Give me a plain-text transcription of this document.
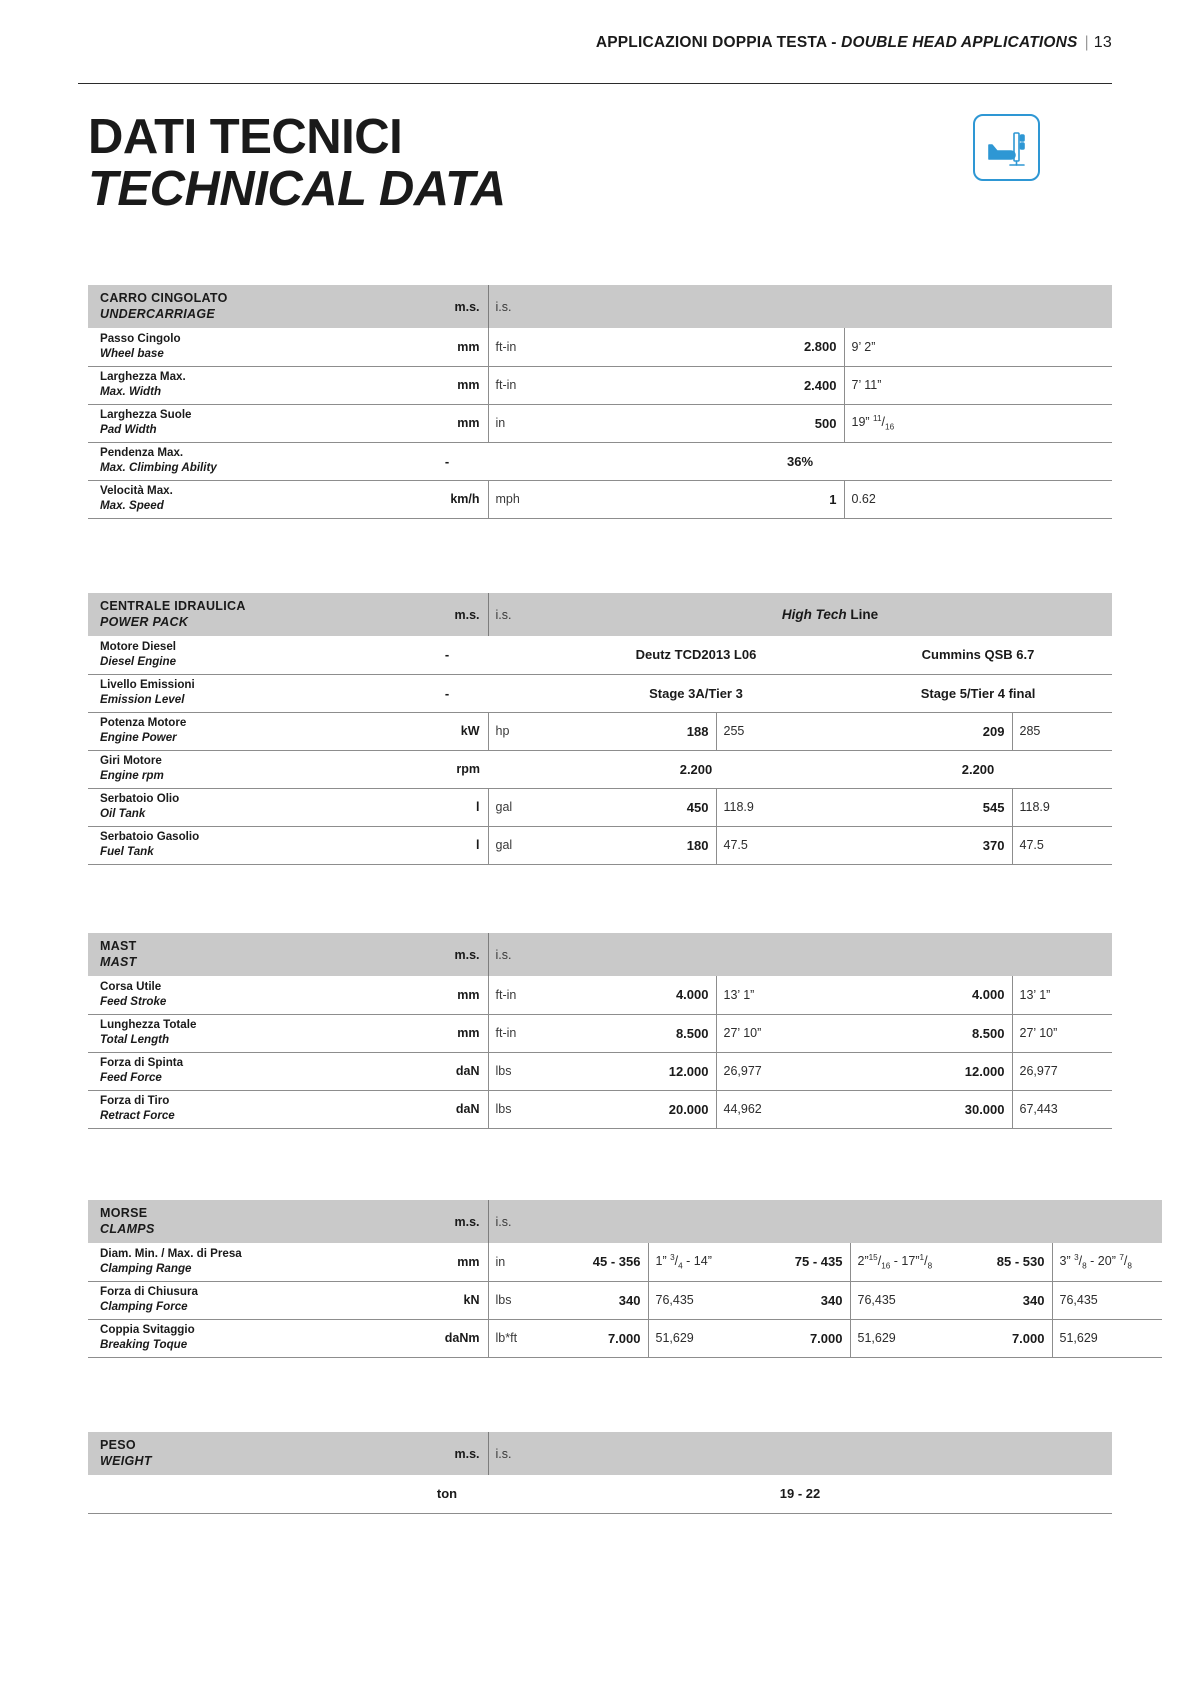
APPLICAZIONI DOPPIA TESTA - DOUBLE HEAD APPLICATIONS | 13
DATI TECNICI
TECHNICAL DATA
CARRO CINGOLATO
UNDERCARRIAGE	m.s.	i.s.		

Passo Cingolo
Wheel base	mm	ft-in	2.800	9’ 2”

Larghezza Max.
Max. Width	mm	ft-in	2.400	7’ 11”

Larghezza Suole
Pad Width	mm	in	500	19” $^{11}/_{16}$

Pendenza Max.
Max. Climbing Ability	-	36%		

Velocità Max.
Max. Speed	km/h	mph	1	0.62
CENTRALE IDRAULICA
POWER PACK	m.s.	i.s.	High Tech Line			

Motore Diesel
Diesel Engine	-		Deutz TCD2013 L06		Cummins QSB 6.7	

Livello Emissioni
Emission Level	-		Stage 3A/Tier 3		Stage 5/Tier 4 final	

Potenza Motore
Engine Power	kW	hp	188	255	209	285

Giri Motore
Engine rpm	rpm		2.200		2.200	

Serbatoio Olio
Oil Tank	l	gal	450	118.9	545	118.9

Serbatoio Gasolio
Fuel Tank	l	gal	180	47.5	370	47.5
MAST
MAST	m.s.	i.s.				

Corsa Utile
Feed Stroke	mm	ft-in	4.000	13’ 1”	4.000	13’ 1”

Lunghezza Totale
Total Length	mm	ft-in	8.500	27’ 10”	8.500	27’ 10”

Forza di Spinta
Feed Force	daN	lbs	12.000	26,977	12.000	26,977

Forza di Tiro
Retract Force	daN	lbs	20.000	44,962	30.000	67,443
MORSE
CLAMPS	m.s.	i.s.						

Diam. Min. / Max. di Presa
Clamping Range	mm	in	45 - 356	1” $^3/_4 - 14$”	75 - 435	$2”^{15}/_{16}$ - $17”^1/_8$	85 - 530	3” $^3/_8 - 20$” $^7/_8$

Forza di Chiusura
Clamping Force	kN	lbs	340	76,435	340	76,435	340	76,435

Coppia Svitaggio
Breaking Toque	daNm	lb*ft	7.000	51,629	7.000	51,629	7.000	51,629
PESO
WEIGHT	m.s.	i.s.
	ton	19 - 22
